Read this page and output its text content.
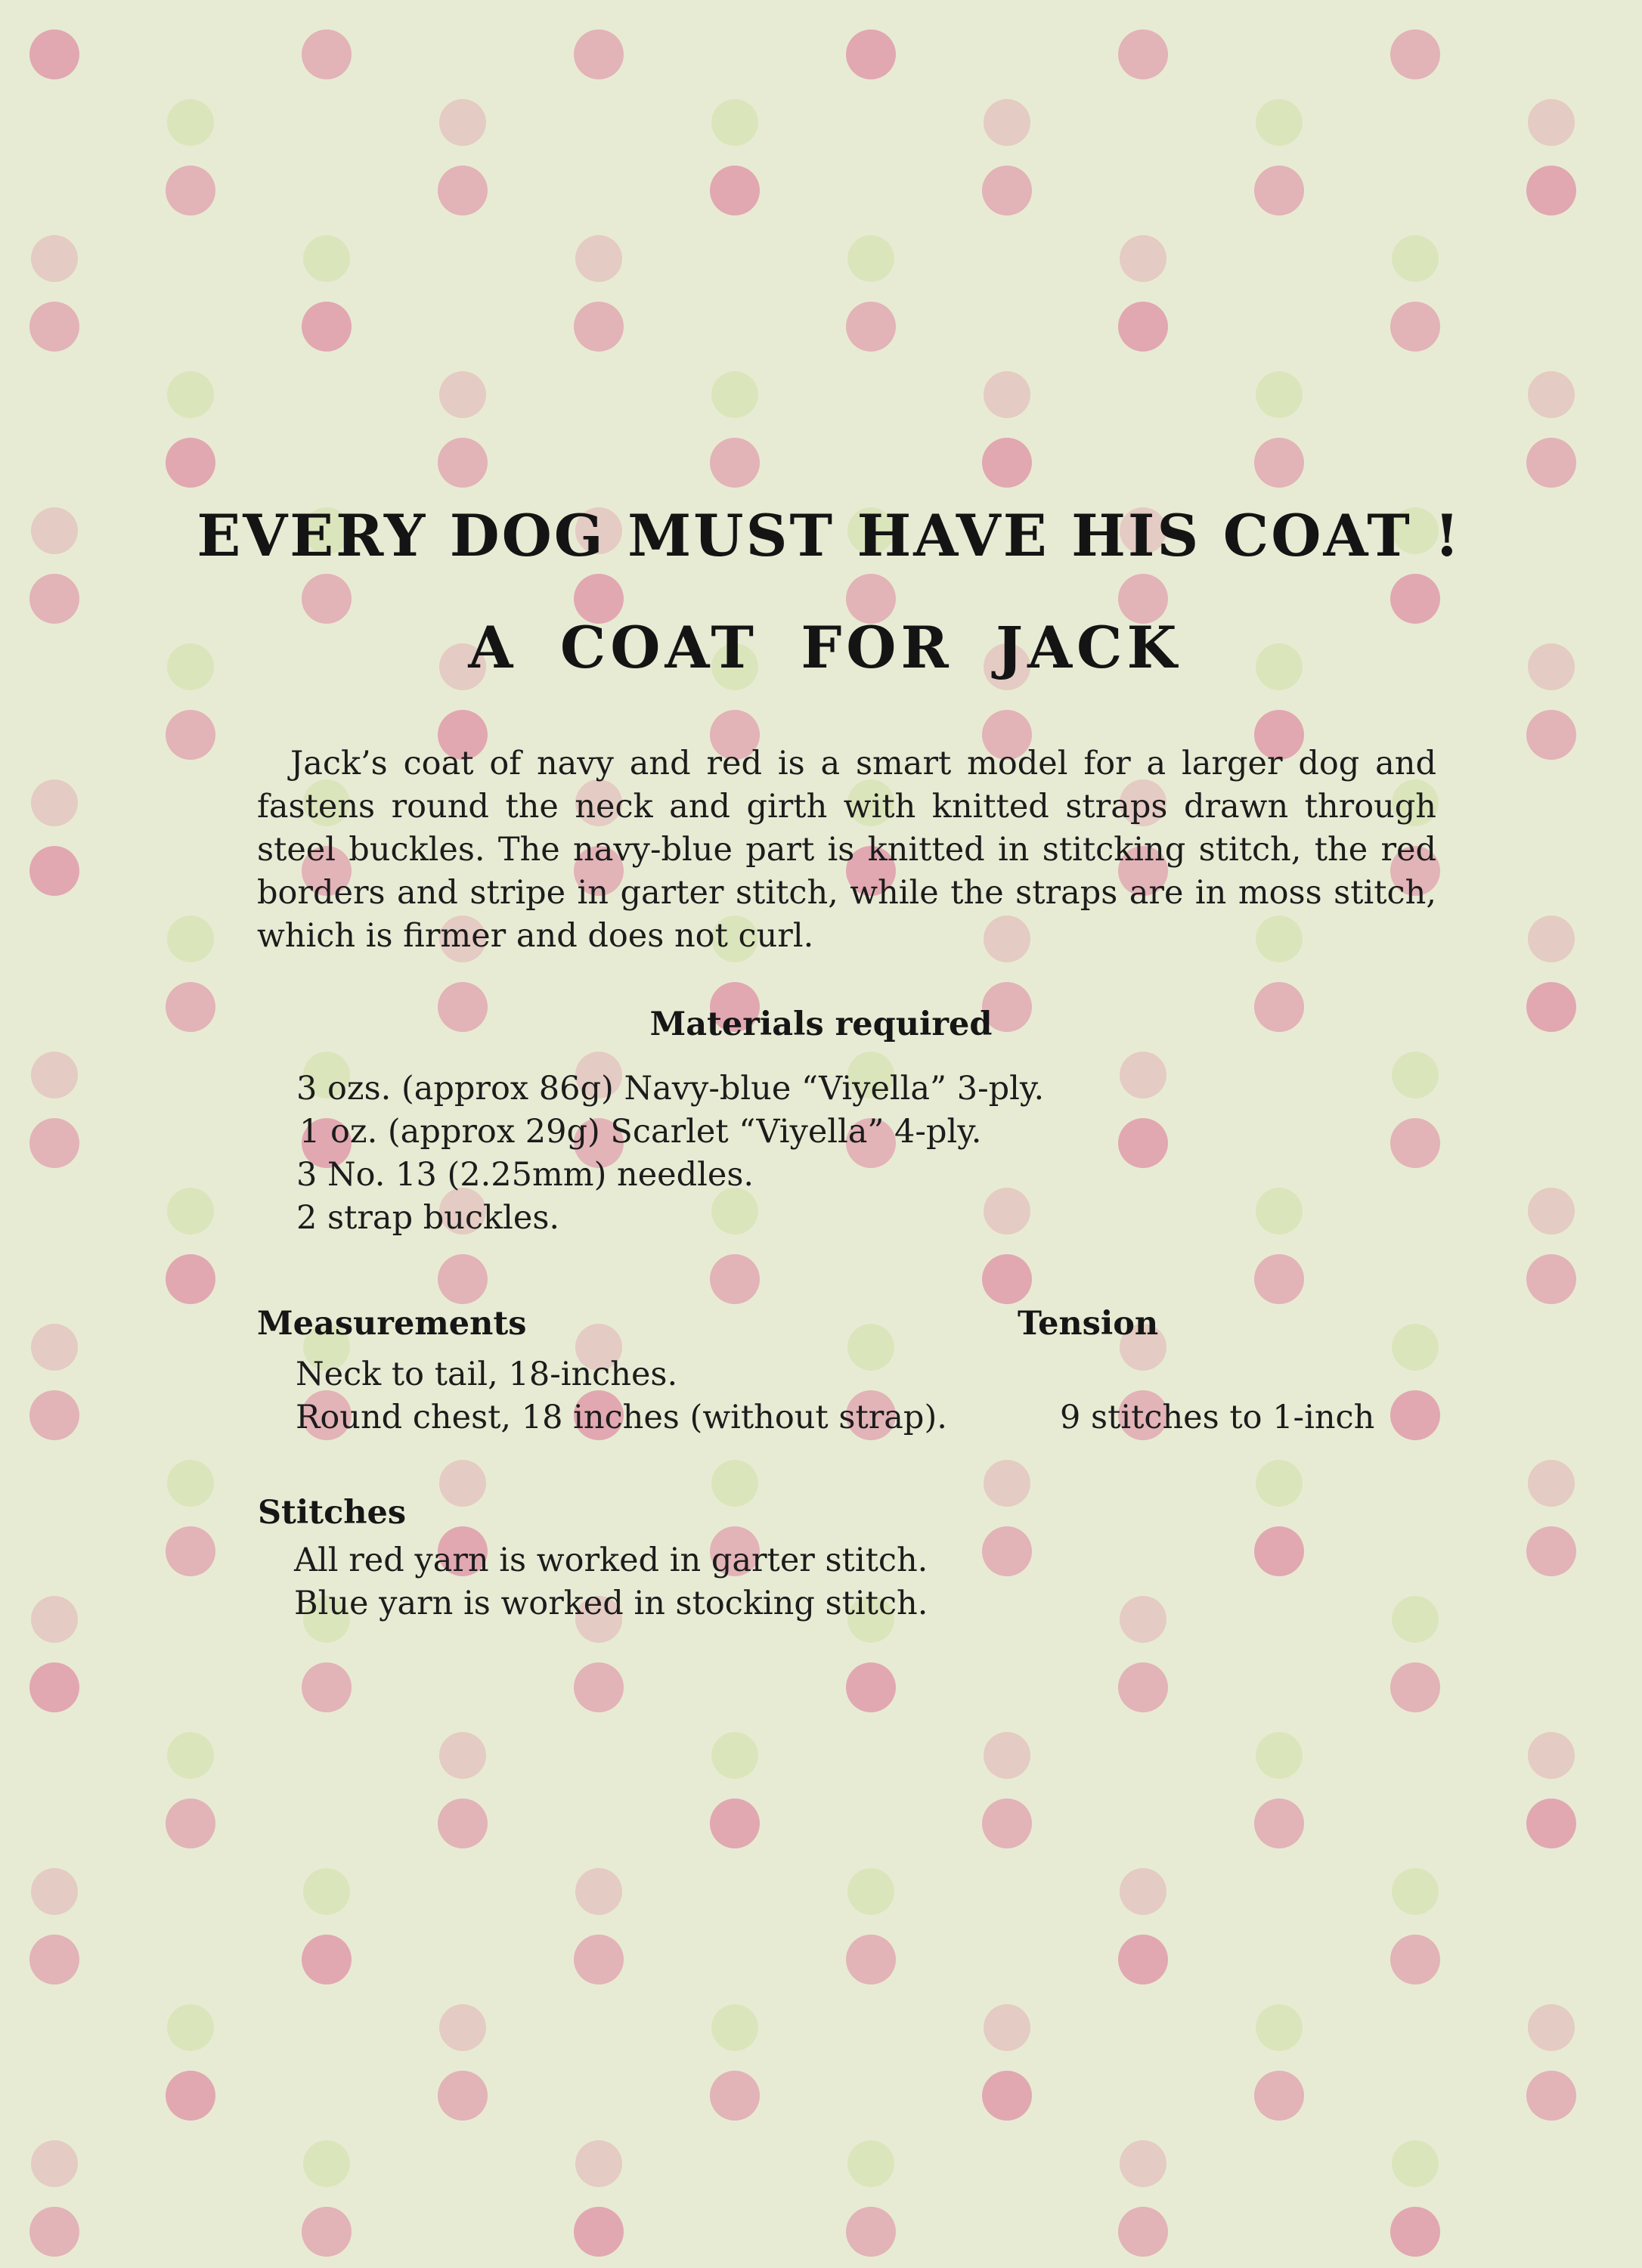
EVERY DOG MUST HAVE HIS COAT !
A COAT FOR JACK

Jack’s coat of navy and red is a smart model for a larger dog and fastens round the neck and girth with knitted straps drawn through steel buckles. The navy-blue part is knitted in stitcking stitch, the red borders and stripe in garter stitch, while the straps are in moss stitch, which is firmer and does not curl.

Materials required
3 ozs. (approx 86g) Navy-blue “Viyella” 3-ply.
1 oz. (approx 29g) Scarlet “Viyella” 4-ply.
3 No. 13 (2.25mm) needles.
2 strap buckles.
Measurements	Tension
Neck to tail, 18-inches.
Round chest, 18 inches (without strap).	9 stitches to 1-inch

Stitches
All red yarn is worked in garter stitch.
Blue yarn is worked in stocking stitch.
